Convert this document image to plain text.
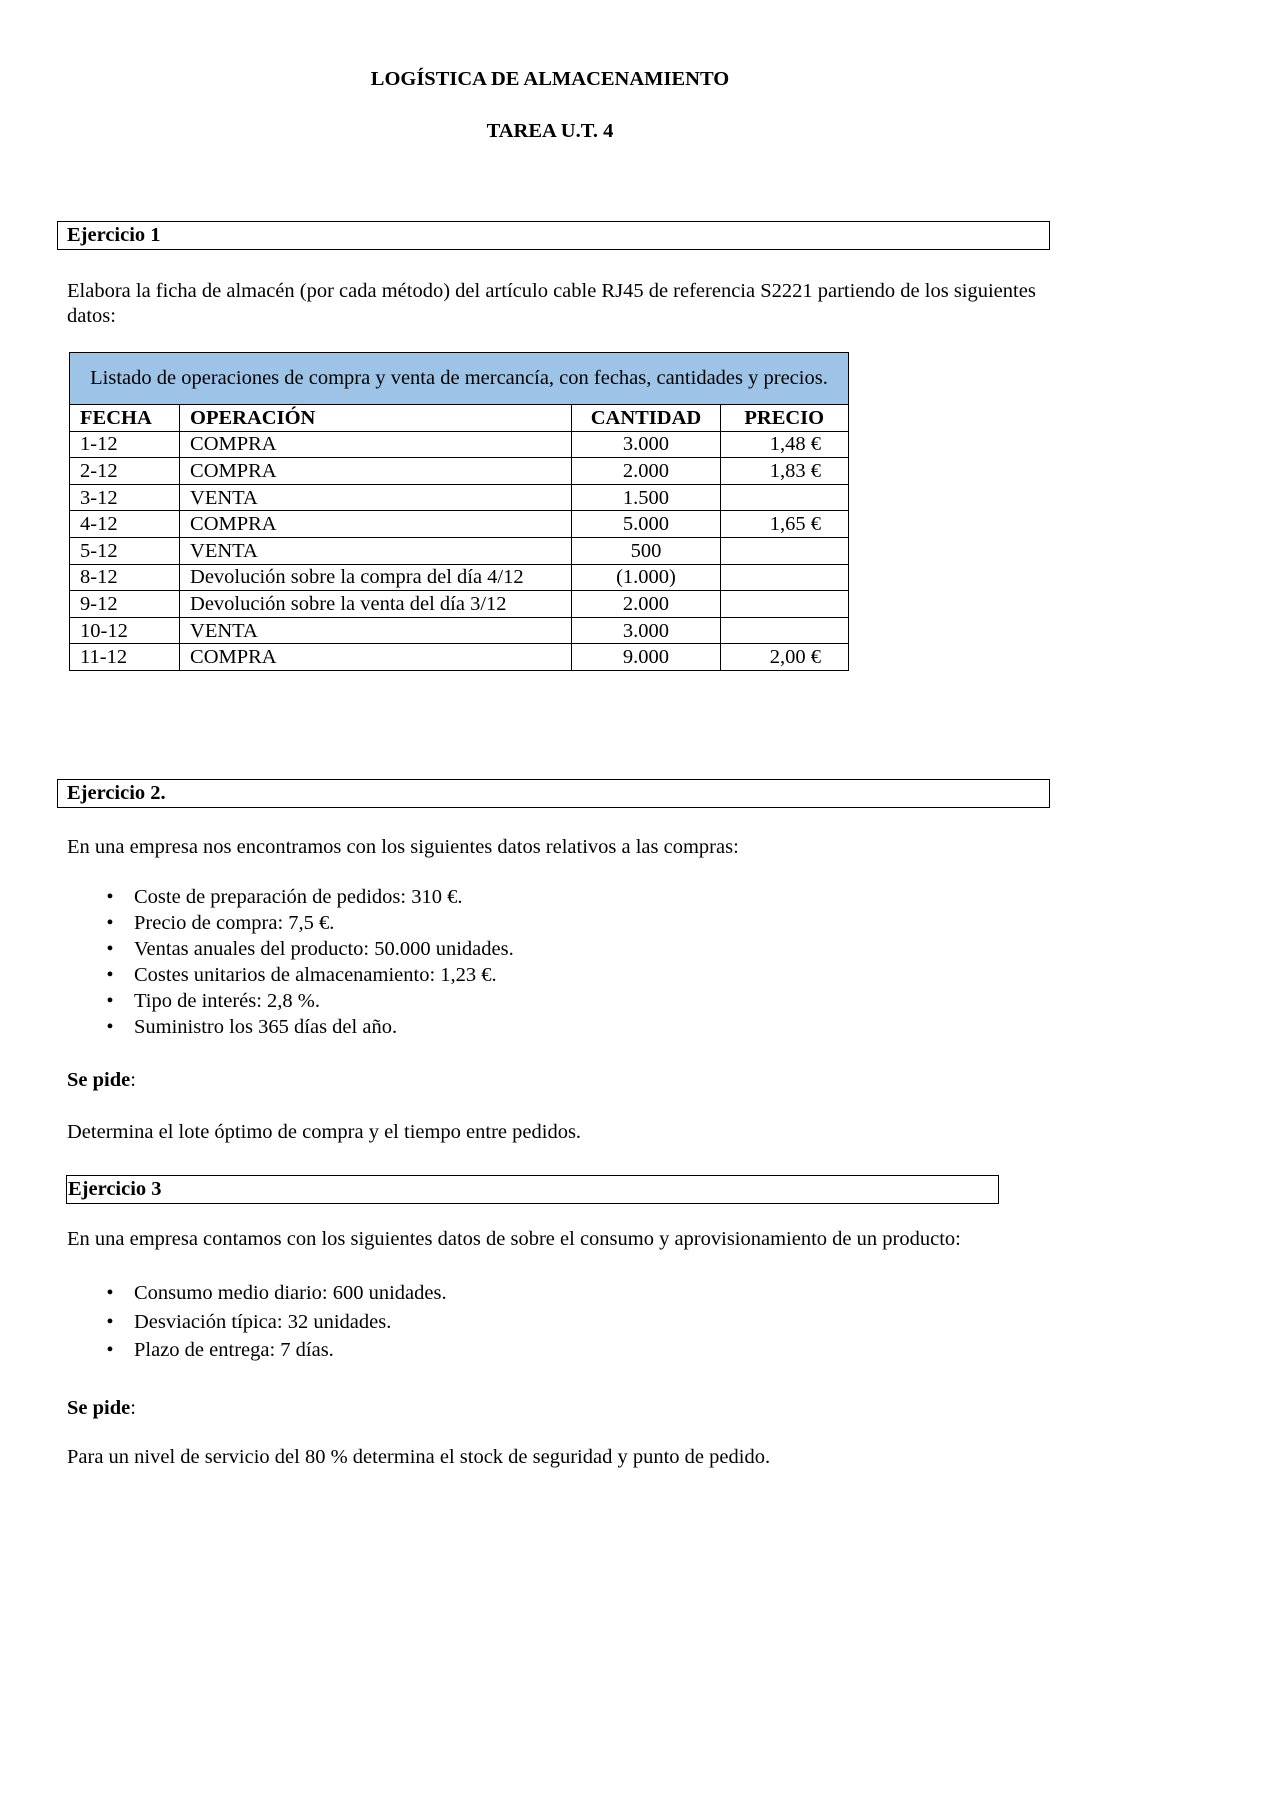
LOGÍSTICA DE ALMACENAMIENTO
TAREA U.T. 4
Ejercicio 1
Elabora la ficha de almacén (por cada método) del artículo cable RJ45 de referencia S2221 partiendo de los siguientes datos:
Listado de operaciones de compra y venta de mercancía, con fechas, cantidades y precios.			
FECHA	OPERACIÓN	CANTIDAD	PRECIO
1-12	COMPRA	3.000	1,48 €
2-12	COMPRA	2.000	1,83 €
3-12	VENTA	1.500	
4-12	COMPRA	5.000	1,65 €
5-12	VENTA	500	
8-12	Devolución sobre la compra del día 4/12	(1.000)	
9-12	Devolución sobre la venta del día 3/12	2.000	
10-12	VENTA	3.000	
11-12	COMPRA	9.000	2,00 €
Ejercicio 2.
En una empresa nos encontramos con los siguientes datos relativos a las compras:
• Coste de preparación de pedidos: 310 €.
• Precio de compra: 7,5 €.
• Ventas anuales del producto: 50.000 unidades.
• Costes unitarios de almacenamiento: 1,23 €.
• Tipo de interés: 2,8 %.
• Suministro los 365 días del año.
Se pide:
Determina el lote óptimo de compra y el tiempo entre pedidos.
Ejercicio 3
En una empresa contamos con los siguientes datos de sobre el consumo y aprovisionamiento de un producto:
• Consumo medio diario: 600 unidades.
• Desviación típica: 32 unidades.
• Plazo de entrega: 7 días.
Se pide:
Para un nivel de servicio del 80 % determina el stock de seguridad y punto de pedido.
